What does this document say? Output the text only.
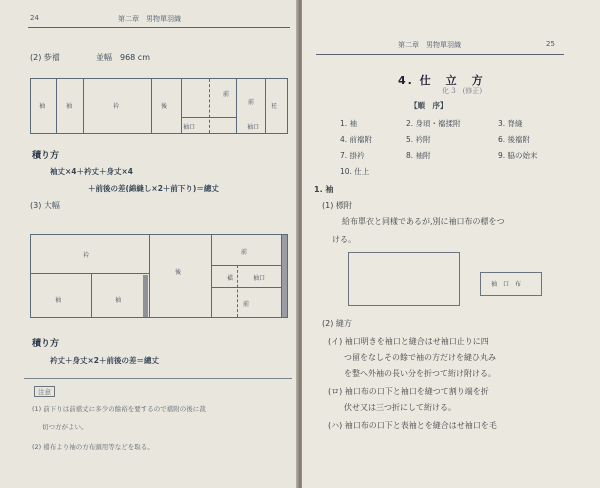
24	第二章　男物單羽織
(2) 㱔襠	並幅　968 cm
袖	袖	衿	後
前
前
衽
袖口	袖口
積り方
袖丈×4＋衿丈＋身丈×4
＋前後の差(綿縫し×2＋前下り)＝總丈
(3) 大幅
衿
後
前
襠	袖口
袖	袖
前
積り方
衿丈＋身丈×2＋前後の差＝總丈
注意
(1) 前下りは前襠丈に多少の餘裕を要するので襠附の後に裁
切つ方がよい。
(2) 襠布より袖の方布頭用等などを取る。
第二章　男物單羽織	25
4. 仕　立　方
化 3　(修正)
【順　序】
1. 袖	2. 身頃・襠揉附	3. 脊縫
4. 前襠附	5. 衿附	6. 後襠附
7. 掛衿	8. 袖附	9. 脇の始末
10. 仕上
1. 袖
(1) 標附
給布單衣と同樣であるが,別に袖口布の標をつ
ける。
袖　口　布
(2) 縫方
(イ) 袖口明きを袖口と縫合はせ袖口止りに四
つ留をなしその餘で袖の方だけを縫ひ丸み
を整へ外袖の長い分を折つて絎け附ける。
(ロ) 袖口布の口下と袖口を縫つて割り端を折
伏せ又は三つ折にして絎ける。
(ハ) 袖口布の口下と表袖とを縫合はせ袖口を毛
